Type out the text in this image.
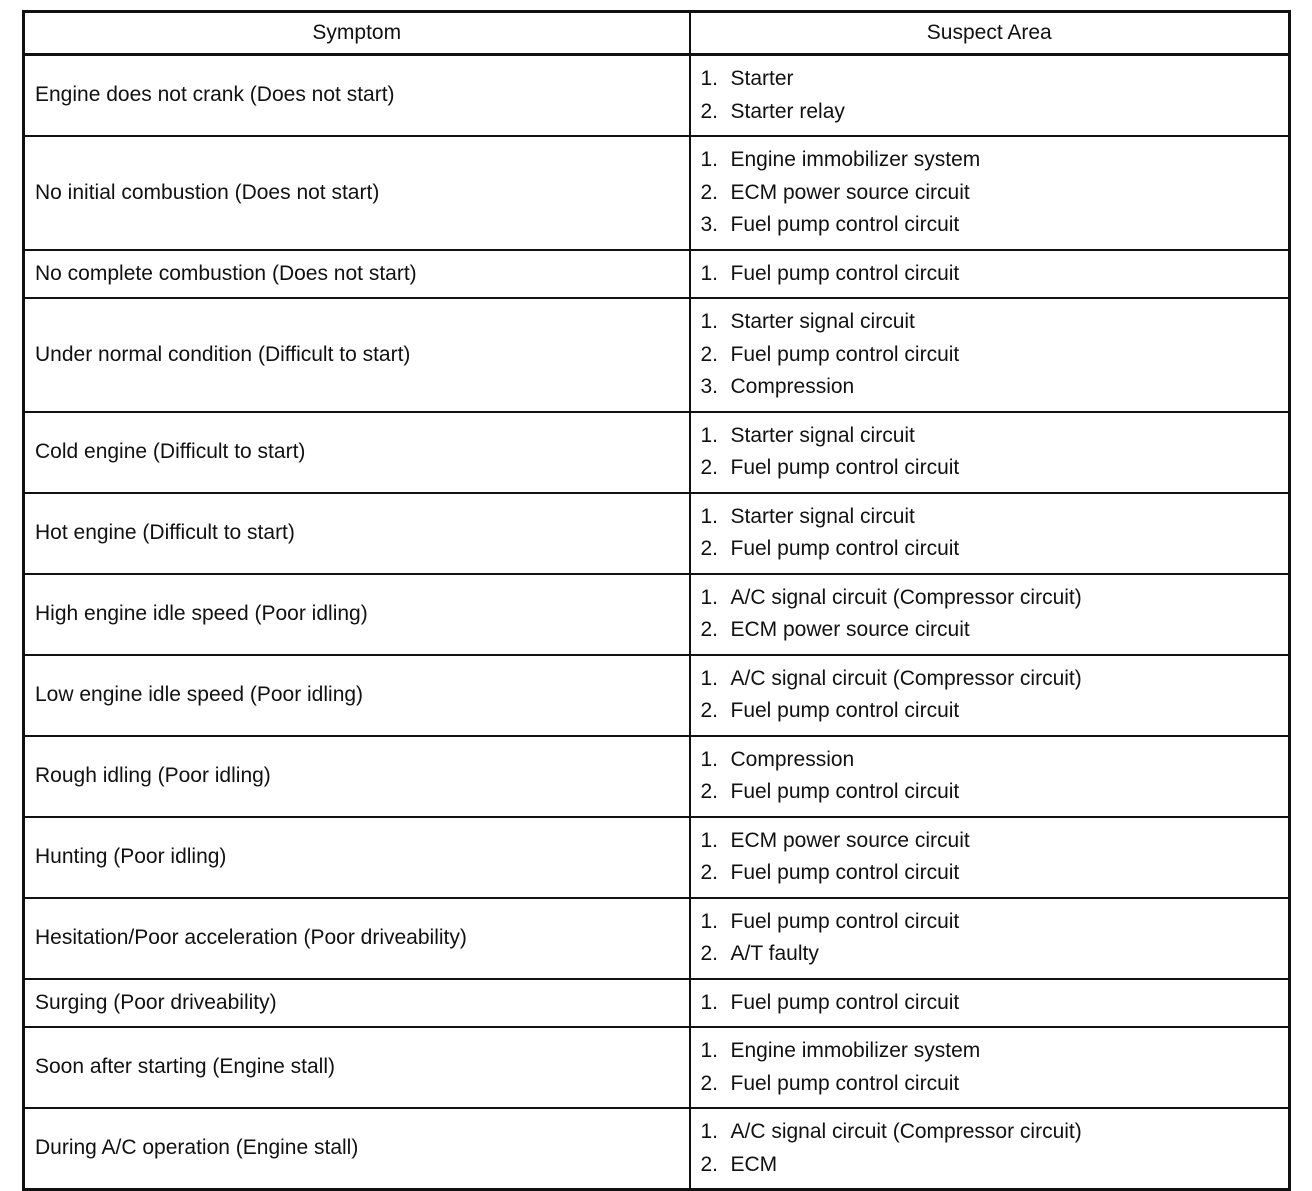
Symptom	Suspect Area
Engine does not crank (Does not start)	1. Starter
2. Starter relay

No initial combustion (Does not start)	1. Engine immobilizer system
2. ECM power source circuit
3. Fuel pump control circuit

No complete combustion (Does not start)	1. Fuel pump control circuit

Under normal condition (Difficult to start)	1. Starter signal circuit
2. Fuel pump control circuit
3. Compression

Cold engine (Difficult to start)	1. Starter signal circuit
2. Fuel pump control circuit

Hot engine (Difficult to start)	1. Starter signal circuit
2. Fuel pump control circuit

High engine idle speed (Poor idling)	1. A/C signal circuit (Compressor circuit)
2. ECM power source circuit

Low engine idle speed (Poor idling)	1. A/C signal circuit (Compressor circuit)
2. Fuel pump control circuit

Rough idling (Poor idling)	1. Compression
2. Fuel pump control circuit

Hunting (Poor idling)	1. ECM power source circuit
2. Fuel pump control circuit

Hesitation/Poor acceleration (Poor driveability)	1. Fuel pump control circuit
2. A/T faulty

Surging (Poor driveability)	1. Fuel pump control circuit

Soon after starting (Engine stall)	1. Engine immobilizer system
2. Fuel pump control circuit

During A/C operation (Engine stall)	1. A/C signal circuit (Compressor circuit)
2. ECM
